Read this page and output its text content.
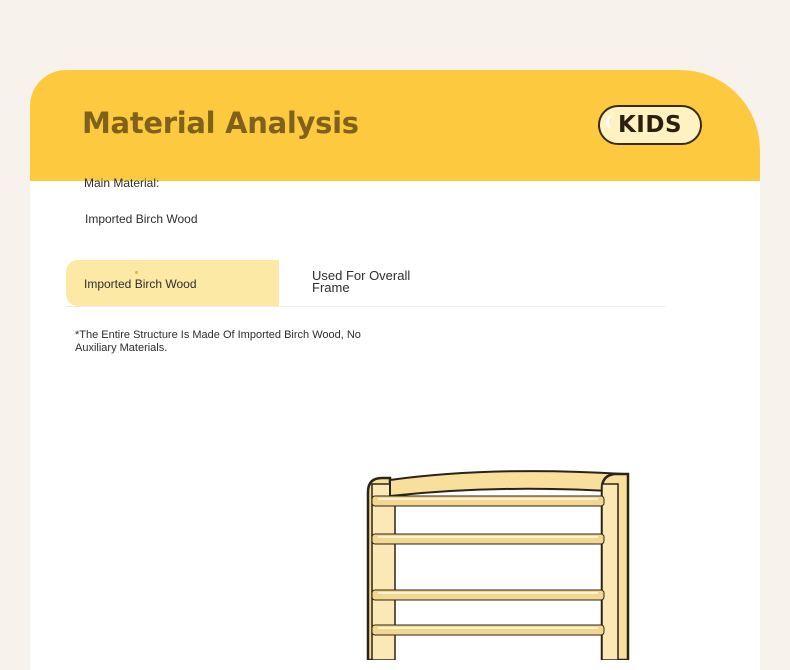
Material Analysis	KIDS
Main Material:
Imported Birch Wood
Imported Birch Wood
Used For Overall Frame
*The Entire Structure Is Made Of Imported Birch Wood, No Auxiliary Materials.
